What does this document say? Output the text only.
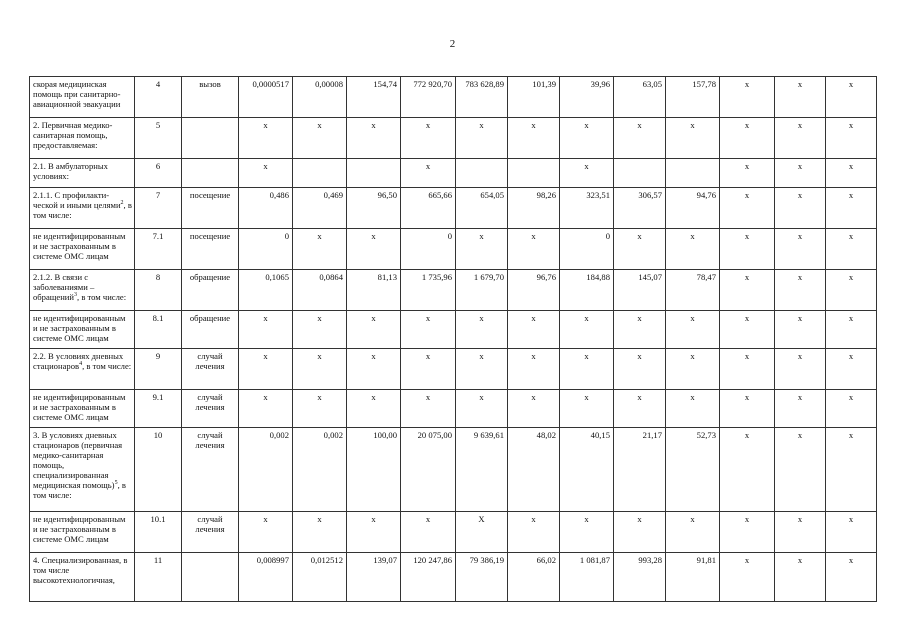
2
скорая медицинская помощь при санитарно-авиационной эвакуации	4	вызов	0,0000517	0,00008	154,74	772 920,70	783 628,89	101,39	39,96	63,05	157,78	x	x	x
2. Первичная медико-санитарная помощь, предоставляемая:	5		x	x	x	x	x	x	x	x	x	x	x	x
2.1. В амбулаторных условиях:	6		x			x			x			x	x	x
2.1.1. С профилакти-ческой и иными целями$^2$, в том числе:	7	посещение	0,486	0,469	96,50	665,66	654,05	98,26	323,51	306,57	94,76	x	x	x
не идентифицированным и не застрахованным в системе ОМС лицам	7.1	посещение	0	x	x	0	x	x	0	x	x	x	x	x
2.1.2. В связи с заболеваниями – обращений$^3$, в том числе:	8	обращение	0,1065	0,0864	81,13	1 735,96	1 679,70	96,76	184,88	145,07	78,47	x	x	x
не идентифицированным и не застрахованным в системе ОМС лицам	8.1	обращение	x	x	x	x	x	x	x	x	x	x	x	x
2.2. В условиях дневных стационаров$^4$, в том числе:	9	случай лечения	x	x	x	x	x	x	x	x	x	x	x	x
не идентифицированным и не застрахованным в системе ОМС лицам	9.1	случай лечения	x	x	x	x	x	x	x	x	x	x	x	x
3. В условиях дневных стационаров (первичная медико-санитарная помощь, специализированная медицинская помощь)$^5$, в том числе:	10	случай лечения	0,002	0,002	100,00	20 075,00	9 639,61	48,02	40,15	21,17	52,73	x	x	x
не идентифицированным и не застрахованным в системе ОМС лицам	10.1	случай лечения	x	x	x	x	X	x	x	x	x	x	x	x
4. Специализированная, в том числе высокотехнологичная,	11		0,008997	0,012512	139,07	120 247,86	79 386,19	66,02	1 081,87	993,28	91,81	x	x	x
